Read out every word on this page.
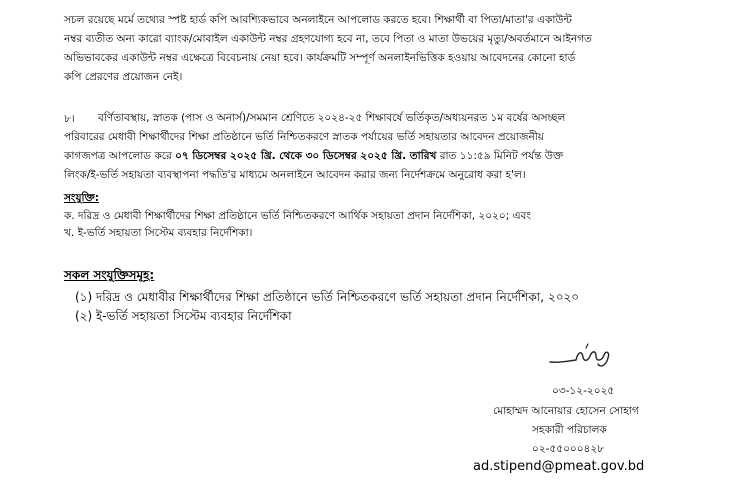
সচল রয়েছে মর্মে তথ্যের স্পষ্ট হার্ড কপি আবশ্যিকভাবে অনলাইনে আপলোড করতে হবে। শিক্ষার্থী বা পিতা/মাতা'র একাউন্ট
নম্বর ব্যতীত অন্য কারো ব্যাংক/মোবাইল একাউন্ট নম্বর গ্রহণযোগ্য হবে না, তবে পিতা ও মাতা উভয়ের মৃত্যু/অবর্তমানে আইনগত
অভিভাবকের একাউন্ট নম্বর এক্ষেত্রে বিবেচনায় নেয়া হবে। কার্যক্রমটি সম্পূর্ণ অনলাইনভিত্তিক হওয়ায় আবেদনের কোনো হার্ড
কপি প্রেরণের প্রয়োজন নেই।
৮।	বর্ণিতাবস্থায়, স্নাতক (পাস ও অনার্স)/সমমান শ্রেণিতে ২০২৪-২৫ শিক্ষাবর্ষে ভর্তিকৃত/অধ্যয়নরত ১ম বর্ষের অসচ্ছল
পরিবারের মেধাবী শিক্ষার্থীদের শিক্ষা প্রতিষ্ঠানে ভর্তি নিশ্চিতকরণে স্নাতক পর্যায়ের ভর্তি সহায়তার আবেদন প্রয়োজনীয়
কাগজপত্র আপলোড করে ০৭ ডিসেম্বর ২০২৫ খ্রি. থেকে ৩০ ডিসেম্বর ২০২৫ খ্রি. তারিখ রাত ১১:৫৯ মিনিট পর্যন্ত উক্ত
লিংক/ই-ভর্তি সহায়তা ব্যবস্থাপনা পদ্ধতি'র মাধ্যমে অনলাইনে আবেদন করার জন্য নির্দেশক্রমে অনুরোধ করা হ'ল।
সংযুক্তি:
ক. দরিদ্র ও মেধাবী শিক্ষার্থীদের শিক্ষা প্রতিষ্ঠানে ভর্তি নিশ্চিতকরণে আর্থিক সহায়তা প্রদান নির্দেশিকা, ২০২০; এবং
খ. ই-ভর্তি সহায়তা সিস্টেম ব্যবহার নির্দেশিকা।
সকল সংযুক্তিসমূহ:
(১) দরিদ্র ও মেধাবীর শিক্ষার্থীদের শিক্ষা প্রতিষ্ঠানে ভর্তি নিশ্চিতকরণে ভর্তি সহায়তা প্রদান নির্দেশিকা, ২০২০
(২) ই-ভর্তি সহায়তা সিস্টেম ব্যবহার নির্দেশিকা
০৩-১২-২০২৫
মোহাম্মদ আনোয়ার হোসেন সোহাগ
সহকারী পরিচালক
০২-৫৫০০০৪২৮
ad.stipend@pmeat.gov.bd
